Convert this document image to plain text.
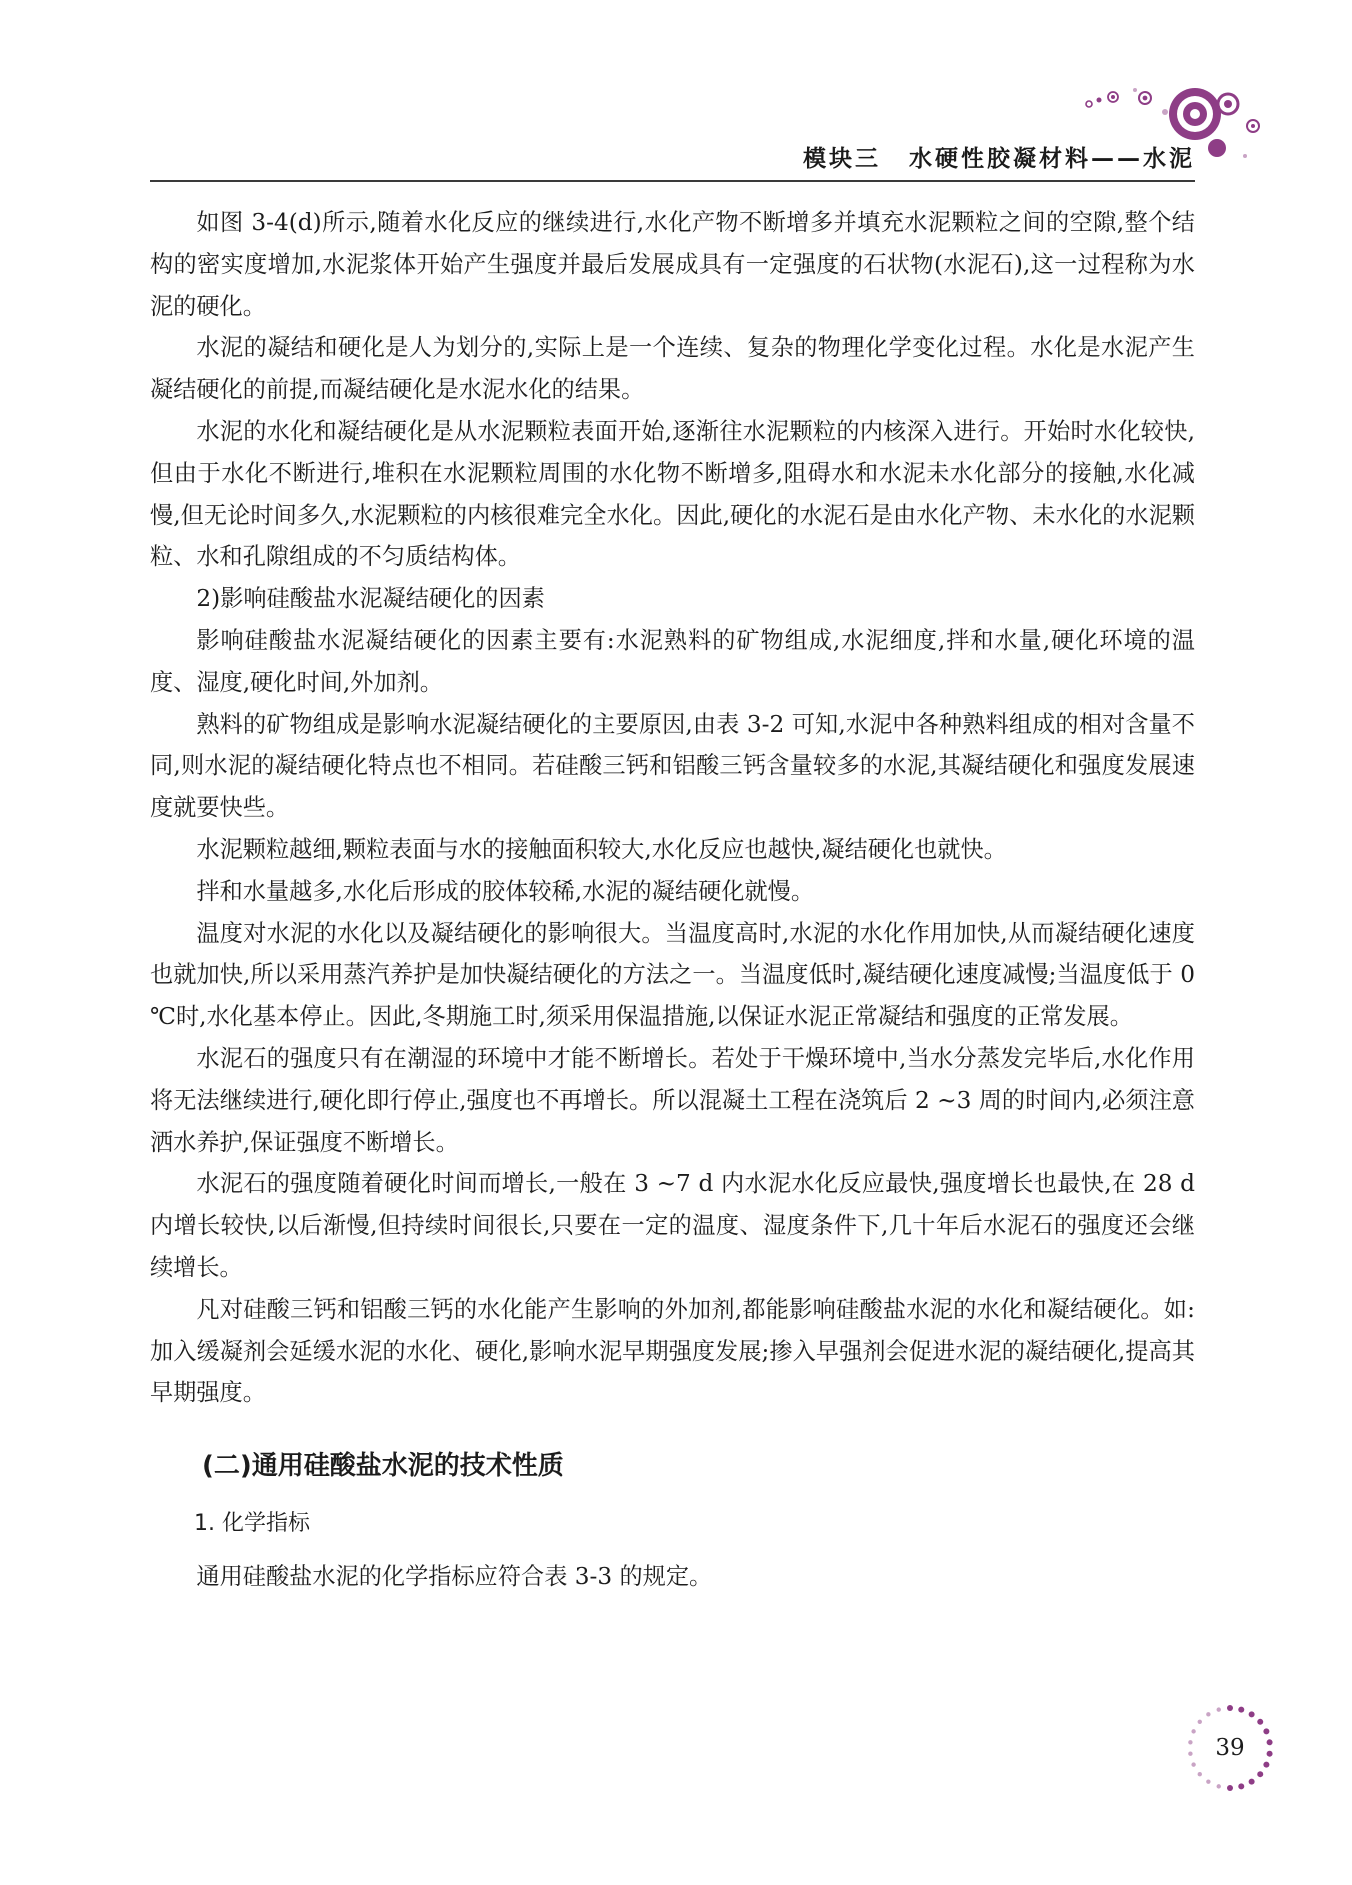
模块三 水硬性胶凝材料——水泥

如图 3-4(d)所示,随着水化反应的继续进行,水化产物不断增多并填充水泥颗粒之间的空隙,整个结构的密实度增加,水泥浆体开始产生强度并最后发展成具有一定强度的石状物(水泥石),这一过程称为水泥的硬化。

水泥的凝结和硬化是人为划分的,实际上是一个连续、复杂的物理化学变化过程。水化是水泥产生凝结硬化的前提,而凝结硬化是水泥水化的结果。

水泥的水化和凝结硬化是从水泥颗粒表面开始,逐渐往水泥颗粒的内核深入进行。开始时水化较快,但由于水化不断进行,堆积在水泥颗粒周围的水化物不断增多,阻碍水和水泥未水化部分的接触,水化减慢,但无论时间多久,水泥颗粒的内核很难完全水化。因此,硬化的水泥石是由水化产物、未水化的水泥颗粒、水和孔隙组成的不匀质结构体。

2)影响硅酸盐水泥凝结硬化的因素

影响硅酸盐水泥凝结硬化的因素主要有:水泥熟料的矿物组成,水泥细度,拌和水量,硬化环境的温度、湿度,硬化时间,外加剂。

熟料的矿物组成是影响水泥凝结硬化的主要原因,由表 3-2 可知,水泥中各种熟料组成的相对含量不同,则水泥的凝结硬化特点也不相同。若硅酸三钙和铝酸三钙含量较多的水泥,其凝结硬化和强度发展速度就要快些。

水泥颗粒越细,颗粒表面与水的接触面积较大,水化反应也越快,凝结硬化也就快。

拌和水量越多,水化后形成的胶体较稀,水泥的凝结硬化就慢。

温度对水泥的水化以及凝结硬化的影响很大。当温度高时,水泥的水化作用加快,从而凝结硬化速度也就加快,所以采用蒸汽养护是加快凝结硬化的方法之一。当温度低时,凝结硬化速度减慢;当温度低于 0 ℃时,水化基本停止。因此,冬期施工时,须采用保温措施,以保证水泥正常凝结和强度的正常发展。

水泥石的强度只有在潮湿的环境中才能不断增长。若处于干燥环境中,当水分蒸发完毕后,水化作用将无法继续进行,硬化即行停止,强度也不再增长。所以混凝土工程在浇筑后 2 ~3 周的时间内,必须注意洒水养护,保证强度不断增长。

水泥石的强度随着硬化时间而增长,一般在 3 ~7 d 内水泥水化反应最快,强度增长也最快,在 28 d 内增长较快,以后渐慢,但持续时间很长,只要在一定的温度、湿度条件下,几十年后水泥石的强度还会继续增长。

凡对硅酸三钙和铝酸三钙的水化能产生影响的外加剂,都能影响硅酸盐水泥的水化和凝结硬化。如:加入缓凝剂会延缓水泥的水化、硬化,影响水泥早期强度发展;掺入早强剂会促进水泥的凝结硬化,提高其早期强度。

(二)通用硅酸盐水泥的技术性质

1. 化学指标

通用硅酸盐水泥的化学指标应符合表 3-3 的规定。

39
